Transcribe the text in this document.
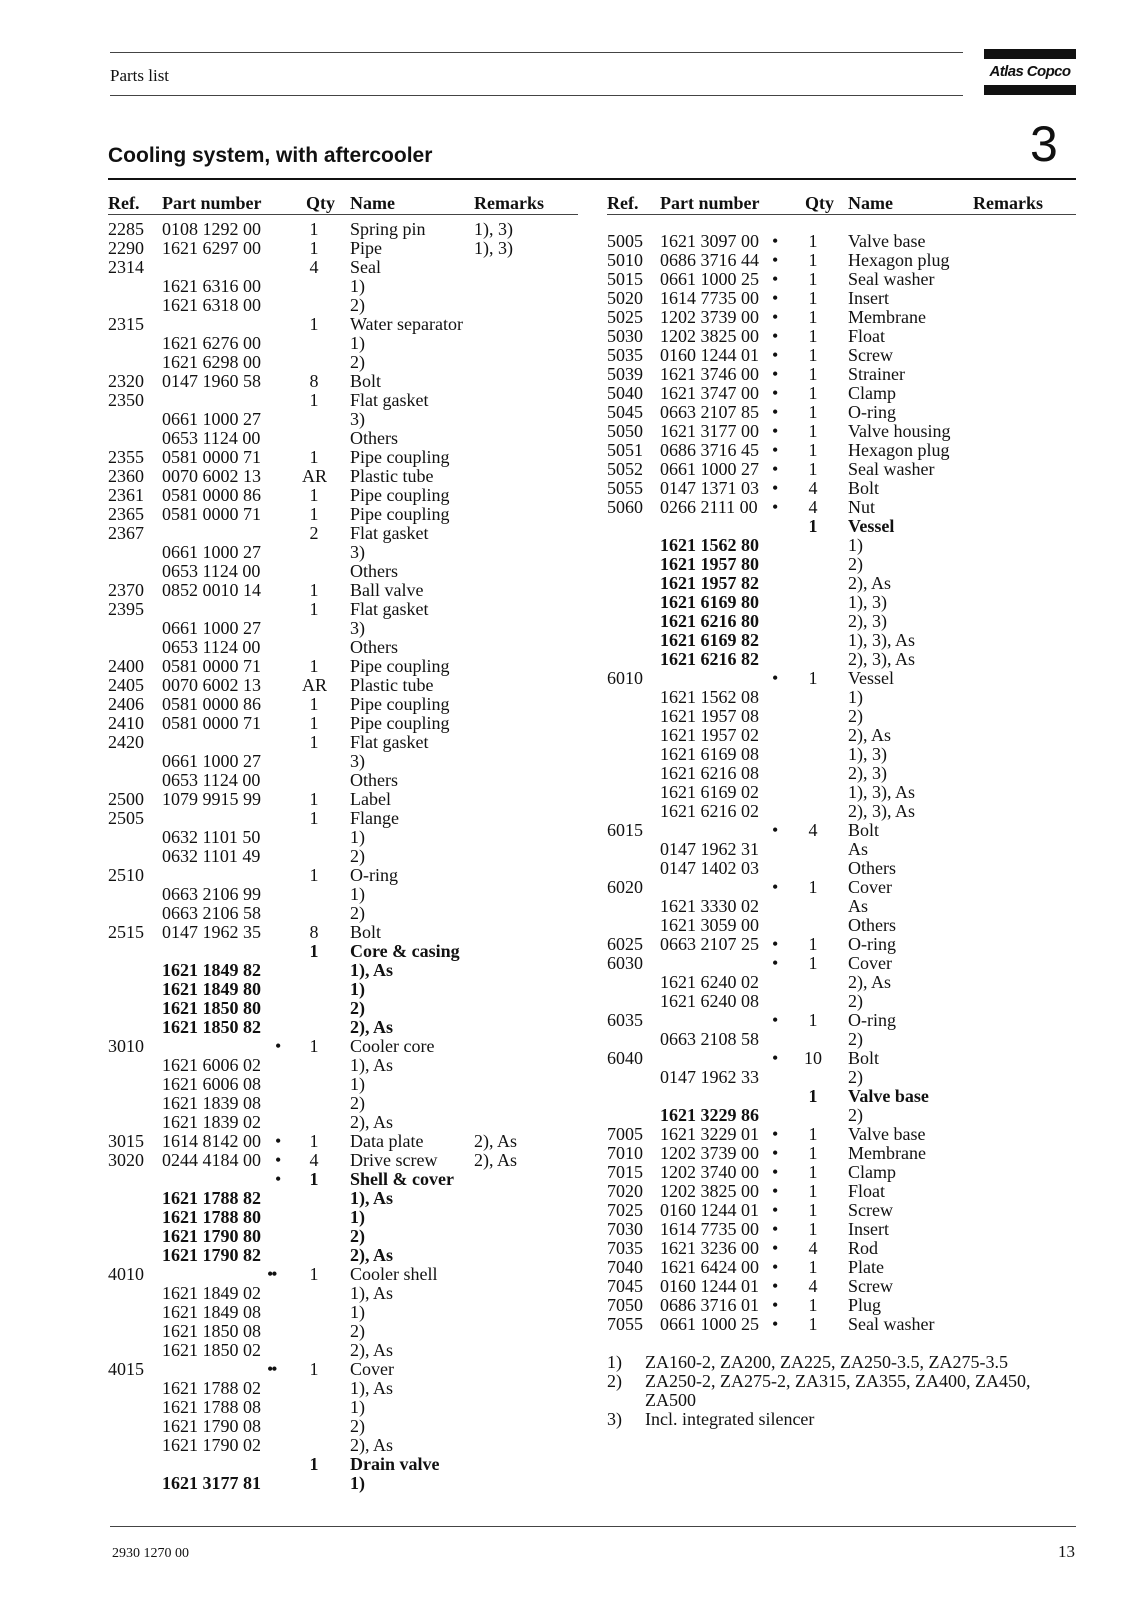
Parts list	Atlas Copco
3
Cooling system, with aftercooler
Ref. Part number Qty Name	Remarks	Ref. Part number	Qty Name	Remarks
2285 0108 1292 00	1	Spring pin	1), 3)
2290 1621 6297 00	1	Pipe	1), 3)
2314	4	Seal
1621 6316 00	1)
1621 6318 00	2)
2315	1	Water separator
1621 6276 00	1)
1621 6298 00	2)
2320 0147 1960 58	8	Bolt
2350	1	Flat gasket
0661 1000 27	3)
0653 1124 00	Others
2355 0581 0000 71	1	Pipe coupling
2360 0070 6002 13 AR Plastic tube
2361 0581 0000 86	1	Pipe coupling
2365 0581 0000 71	1	Pipe coupling
2367	2	Flat gasket
0661 1000 27	3)
0653 1124 00	Others
2370 0852 0010 14	1	Ball valve
2395	1	Flat gasket
0661 1000 27	3)
0653 1124 00	Others
2400 0581 0000 71	1	Pipe coupling
2405 0070 6002 13 AR Plastic tube
2406 0581 0000 86	1	Pipe coupling
2410 0581 0000 71	1	Pipe coupling
2420	1	Flat gasket
0661 1000 27	3)
0653 1124 00	Others
2500 1079 9915 99	1	Label
2505	1	Flange
0632 1101 50	1)
0632 1101 49	2)
2510	1	O-ring
0663 2106 99	1)
0663 2106 58	2)
2515 0147 1962 35	8	Bolt
1	Core & casing
1621 1849 82	1), As
1621 1849 80	1)
1621 1850 80	2)
1621 1850 82	2), As
3010	•	1	Cooler core
1621 6006 02	1), As
1621 6006 08	1)
1621 1839 08	2)
1621 1839 02	2), As
3015 1614 8142 00 •	1	Data plate	2), As
3020 0244 4184 00 •	4	Drive screw 2), As
•	1	Shell & cover
1621 1788 82	1), As
1621 1788 80	1)
1621 1790 80	2)
1621 1790 82	2), As
4010	••	1	Cooler shell
1621 1849 02	1), As
1621 1849 08	1)
1621 1850 08	2)
1621 1850 02	2), As
4015	••	1	Cover
1621 1788 02	1), As
1621 1788 08	1)
1621 1790 08	2)
1621 1790 02	2), As
1	Drain valve
1621 3177 81	1)
5005 1621 3097 00 •	1	Valve base
5010 0686 3716 44 •	1	Hexagon plug
5015 0661 1000 25 •	1	Seal washer
5020 1614 7735 00 •	1	Insert
5025 1202 3739 00 •	1	Membrane
5030 1202 3825 00 •	1	Float
5035 0160 1244 01 •	1	Screw
5039 1621 3746 00 •	1	Strainer
5040 1621 3747 00 •	1	Clamp
5045 0663 2107 85 •	1	O-ring
5050 1621 3177 00 •	1	Valve housing
5051 0686 3716 45 •	1	Hexagon plug
5052 0661 1000 27 •	1	Seal washer
5055 0147 1371 03 •	4	Bolt
5060 0266 2111 00 •	4	Nut
1	Vessel
1621 1562 80	1)
1621 1957 80	2)
1621 1957 82	2), As
1621 6169 80	1), 3)
1621 6216 80	2), 3)
1621 6169 82	1), 3), As
1621 6216 82	2), 3), As
6010	•	1	Vessel
1621 1562 08	1)
1621 1957 08	2)
1621 1957 02	2), As
1621 6169 08	1), 3)
1621 6216 08	2), 3)
1621 6169 02	1), 3), As
1621 6216 02	2), 3), As
6015	•	4	Bolt
0147 1962 31	As
0147 1402 03	Others
6020	•	1	Cover
1621 3330 02	As
1621 3059 00	Others
6025 0663 2107 25 •	1	O-ring
6030	•	1	Cover
1621 6240 02	2), As
1621 6240 08	2)
6035	•	1	O-ring
0663 2108 58	2)
6040	• 10 Bolt
0147 1962 33	2)
1	Valve base
1621 3229 86	2)
7005 1621 3229 01 •	1	Valve base
7010 1202 3739 00 •	1	Membrane
7015 1202 3740 00 •	1	Clamp
7020 1202 3825 00 •	1	Float
7025 0160 1244 01 •	1	Screw
7030 1614 7735 00 •	1	Insert
7035 1621 3236 00 •	4	Rod
7040 1621 6424 00 •	1	Plate
7045 0160 1244 01 •	4	Screw
7050 0686 3716 01 •	1	Plug
7055 0661 1000 25 •	1	Seal washer
1) ZA160-2, ZA200, ZA225, ZA250-3.5, ZA275-3.5
2) ZA250-2, ZA275-2, ZA315, ZA355, ZA400, ZA450,
ZA500
3) Incl. integrated silencer
2930 1270 00	13
